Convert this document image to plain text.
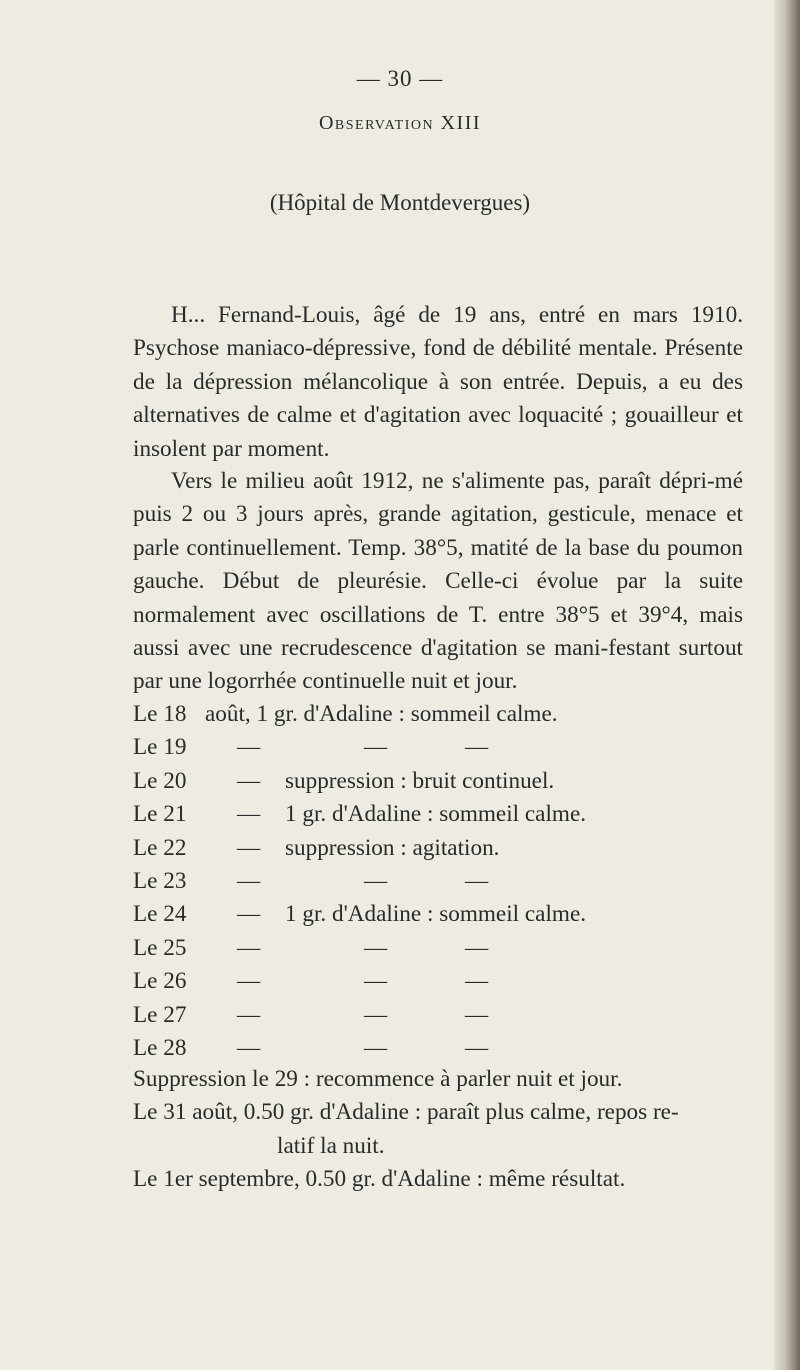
— 30 —
Observation XIII
(Hôpital de Montdevergues)

H... Fernand-Louis, âgé de 19 ans, entré en mars 1910. Psychose maniaco-dépressive, fond de débilité mentale. Présente de la dépression mélancolique à son entrée. Depuis, a eu des alternatives de calme et d'agitation avec loquacité ; gouailleur et insolent par moment.

Vers le milieu août 1912, ne s'alimente pas, paraît dépri-mé puis 2 ou 3 jours après, grande agitation, gesticule, menace et parle continuellement. Temp. 38°5, matité de la base du poumon gauche. Début de pleurésie. Celle-ci évolue par la suite normalement avec oscillations de T. entre 38°5 et 39°4, mais aussi avec une recrudescence d'agitation se mani-festant surtout par une logorrhée continuelle nuit et jour.

Le 18 août, 1 gr. d'Adaline : sommeil calme.
Le 19 —	—	—
Le 20 — suppression : bruit continuel.
Le 21 — 1 gr. d'Adaline : sommeil calme.
Le 22 — suppression : agitation.
Le 23 —	—	—
Le 24 — 1 gr. d'Adaline : sommeil calme.
Le 25 —	—	—
Le 26 —	—	—
Le 27 —	—	—
Le 28 —	—	—
Suppression le 29 : recommence à parler nuit et jour.
Le 31 août, 0.50 gr. d'Adaline : paraît plus calme, repos re-
latif la nuit.
Le 1er septembre, 0.50 gr. d'Adaline : même résultat.
